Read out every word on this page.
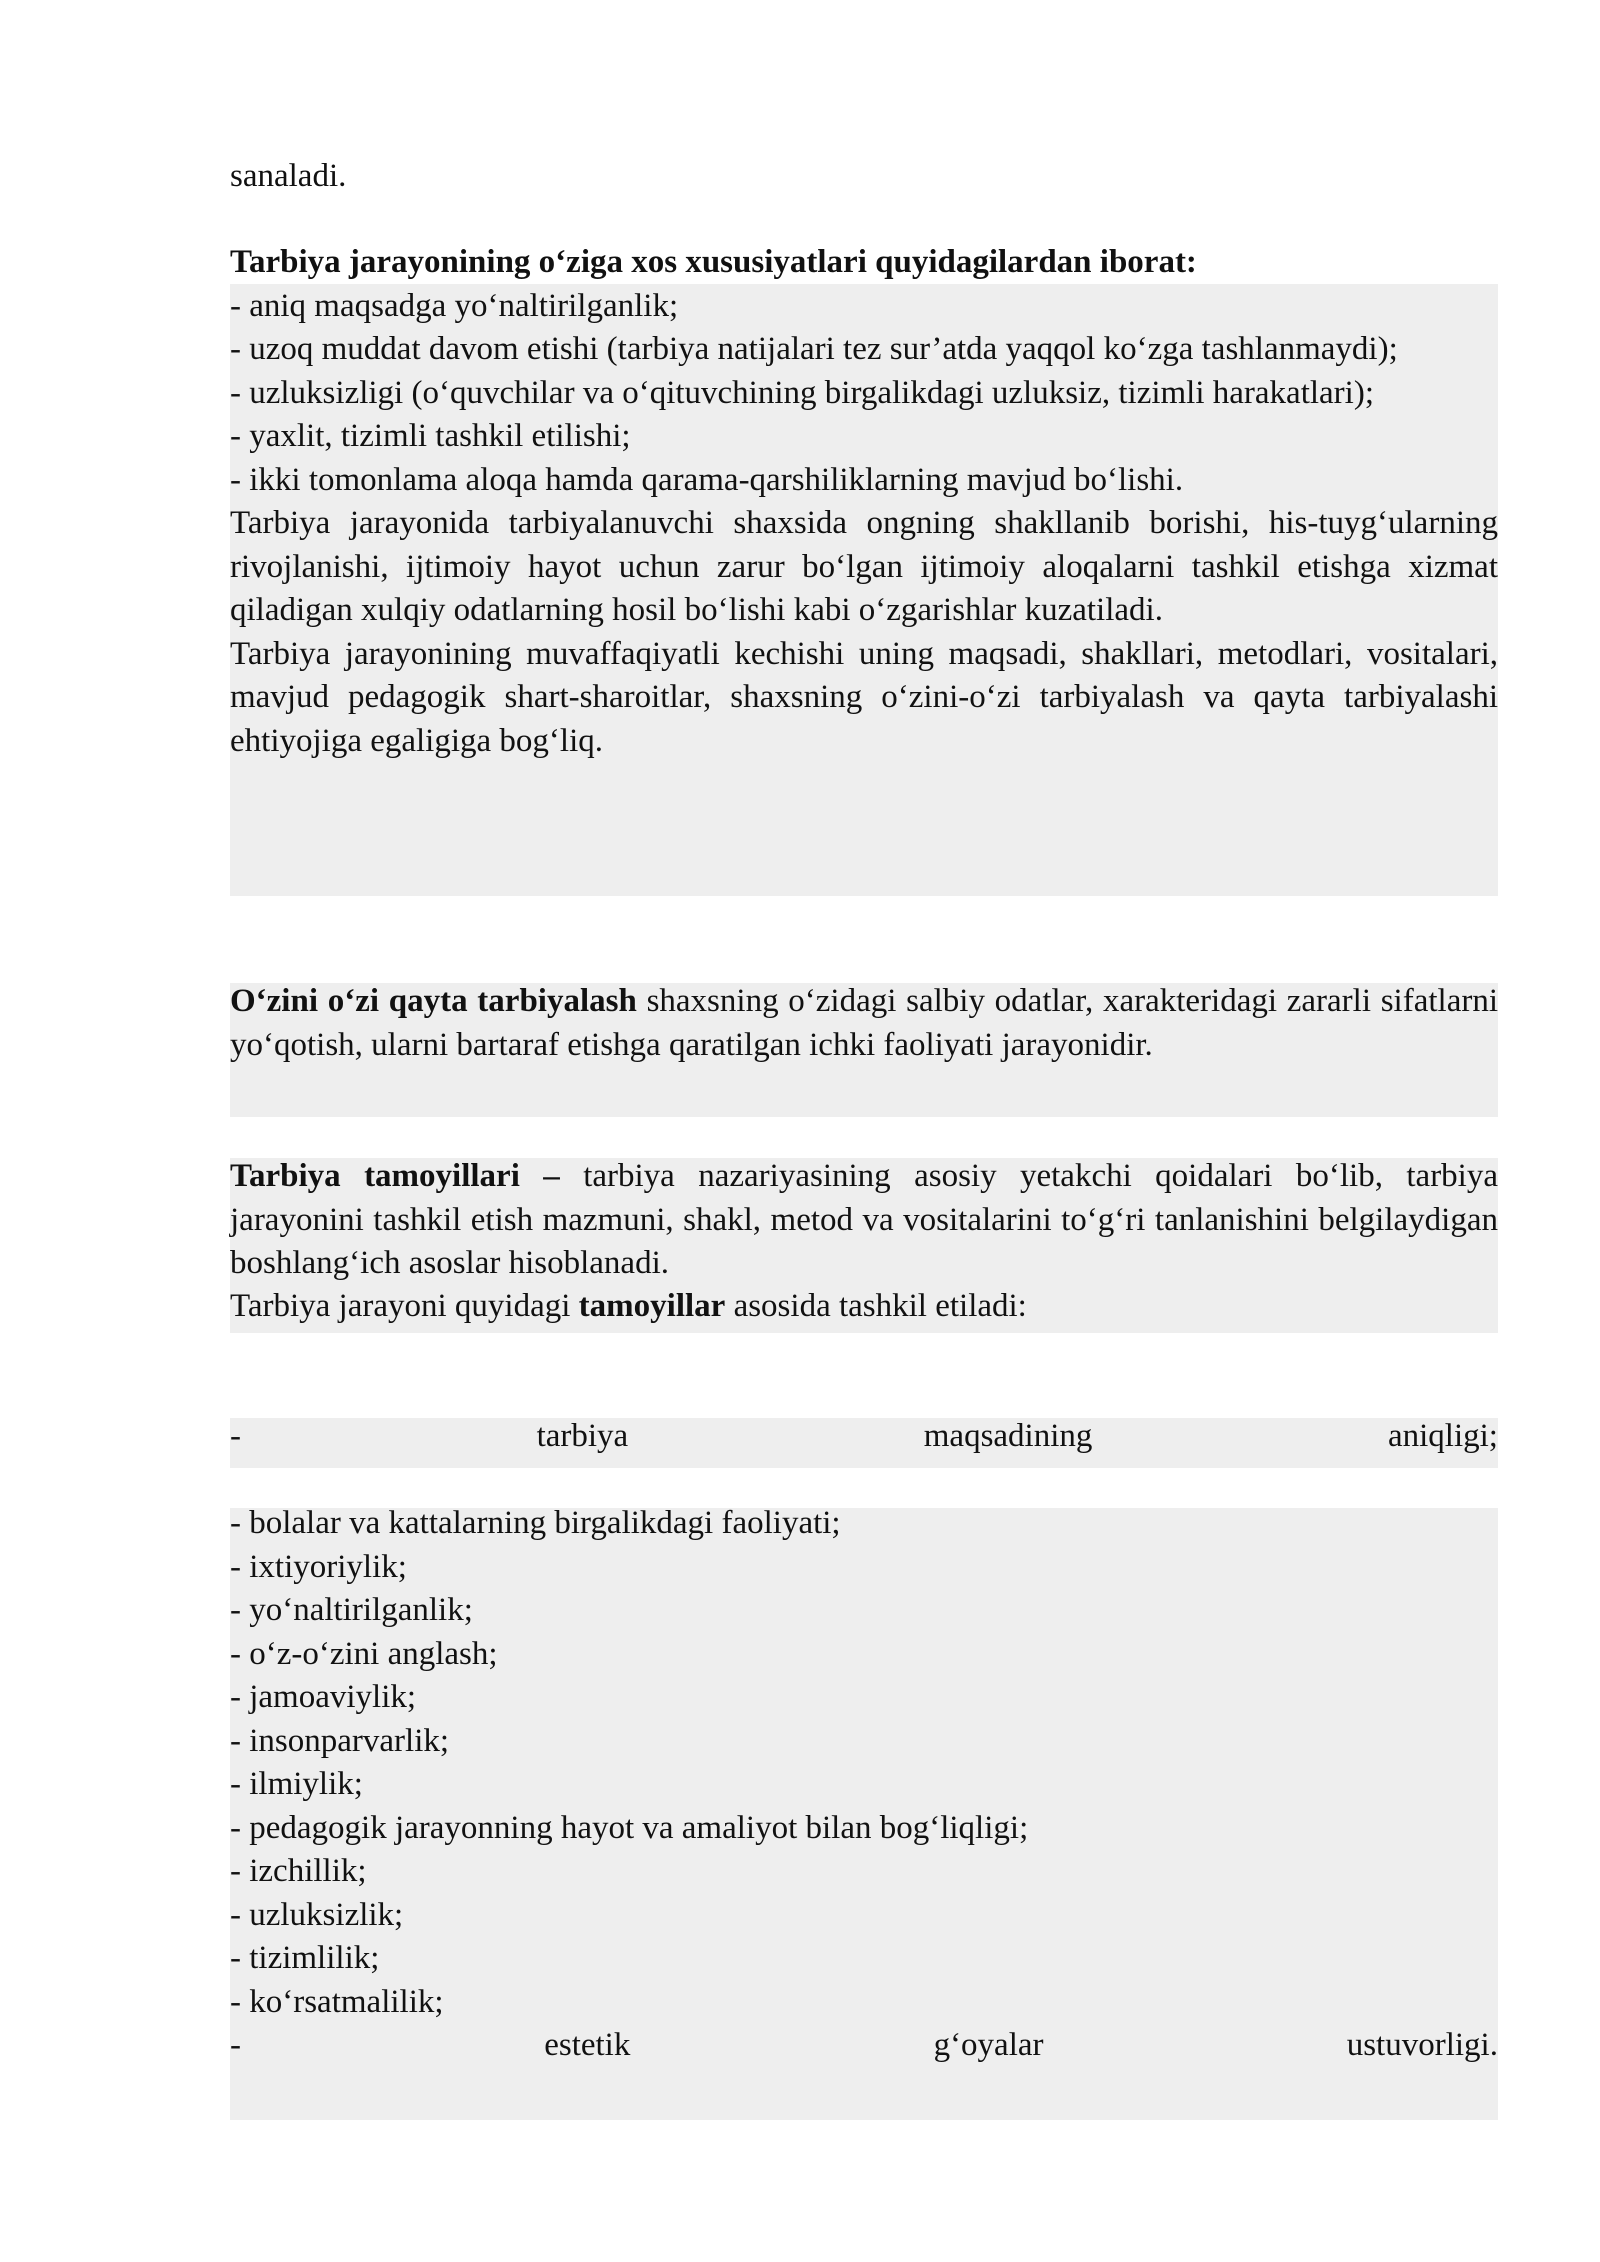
sanaladi.

Tarbiya jarayonining o‘ziga xos xususiyatlari quyidagilardan iborat:

- aniq maqsadga yo‘naltirilganlik;

- uzoq muddat davom etishi (tarbiya natijalari tez sur’atda yaqqol ko‘zga tashlanmaydi);

- uzluksizligi (o‘quvchilar va o‘qituvchining birgalikdagi uzluksiz, tizimli harakatlari);

- yaxlit, tizimli tashkil etilishi;

- ikki tomonlama aloqa hamda qarama-qarshiliklarning mavjud bo‘lishi.

Tarbiya jarayonida tarbiyalanuvchi shaxsida ongning shakllanib borishi, his-tuyg‘ularning rivojlanishi, ijtimoiy hayot uchun zarur bo‘lgan ijtimoiy aloqalarni tashkil etishga xizmat qiladigan xulqiy odatlarning hosil bo‘lishi kabi o‘zgarishlar kuzatiladi.

Tarbiya jarayonining muvaffaqiyatli kechishi uning maqsadi, shakllari, metodlari, vositalari, mavjud pedagogik shart-sharoitlar, shaxsning o‘zini-o‘zi tarbiyalash va qayta tarbiyalashi ehtiyojiga egaligiga bog‘liq.

O‘zini o‘zi qayta tarbiyalash shaxsning o‘zidagi salbiy odatlar, xarakteridagi zararli sifatlarni yo‘qotish, ularni bartaraf etishga qaratilgan ichki faoliyati jarayonidir.

Tarbiya tamoyillari – tarbiya nazariyasining asosiy yetakchi qoidalari bo‘lib, tarbiya jarayonini tashkil etish mazmuni, shakl, metod va vositalarini to‘g‘ri tanlanishini belgilaydigan boshlang‘ich asoslar hisoblanadi.

Tarbiya jarayoni quyidagi tamoyillar asosida tashkil etiladi:

-	tarbiya	maqsadining	aniqligi;

- bolalar va kattalarning birgalikdagi faoliyati;

- ixtiyoriylik;

- yo‘naltirilganlik;

- o‘z-o‘zini anglash;

- jamoaviylik;

- insonparvarlik;

- ilmiylik;

- pedagogik jarayonning hayot va amaliyot bilan bog‘liqligi;

- izchillik;

- uzluksizlik;

- tizimlilik;

- ko‘rsatmalilik;

-	estetik	g‘oyalar	ustuvorligi.
